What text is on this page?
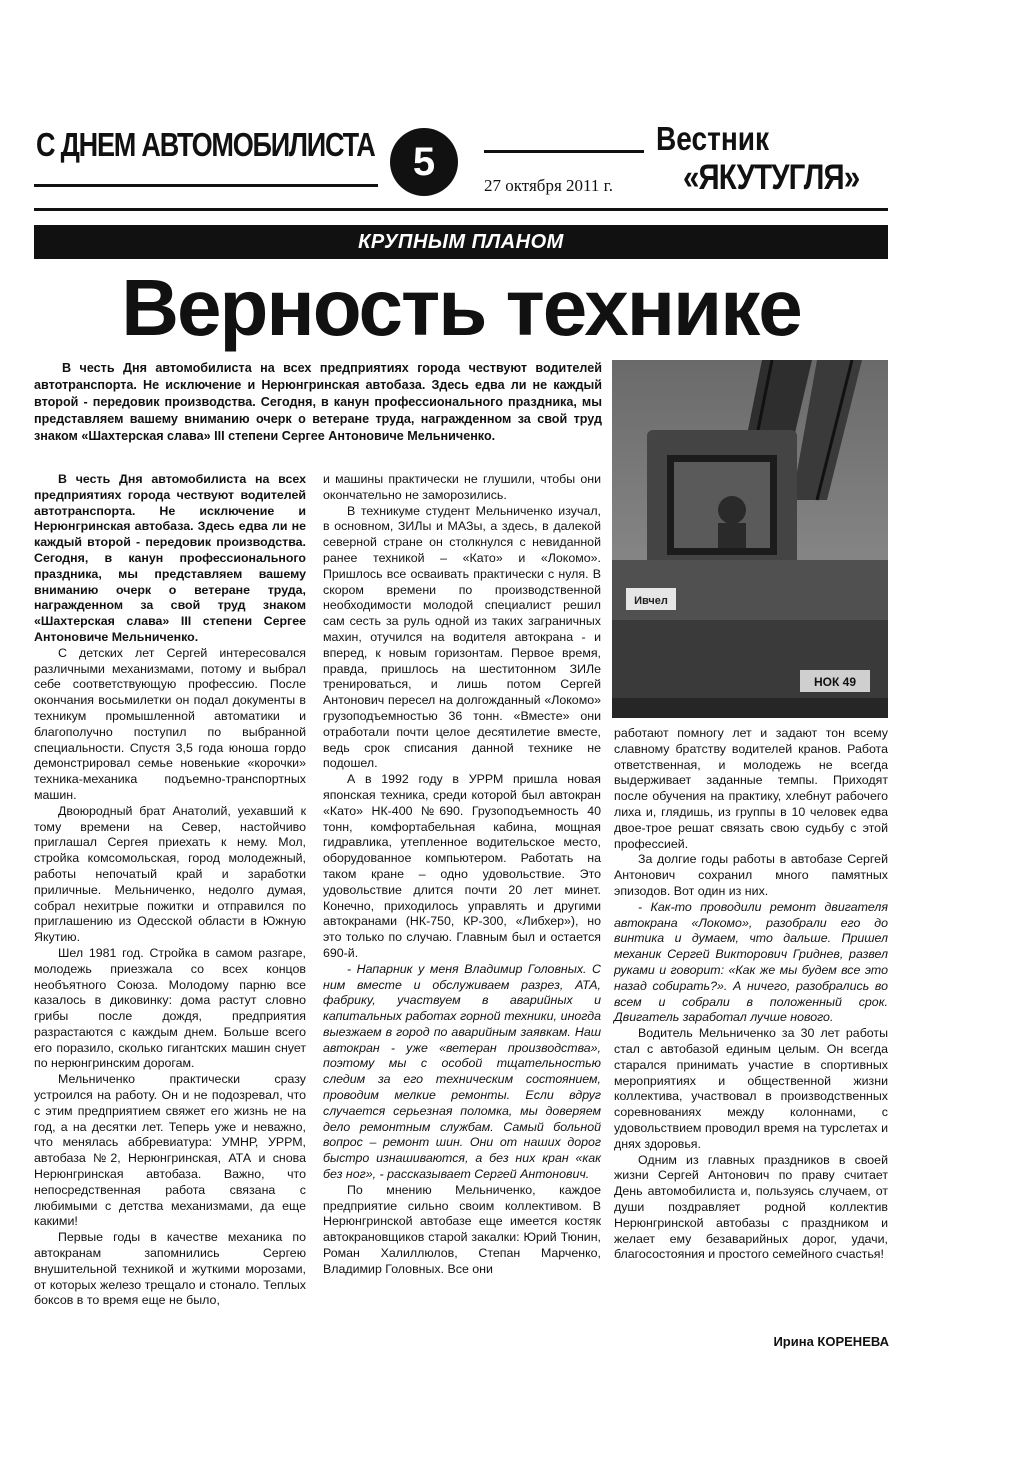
С ДНЕМ АВТОМОБИЛИСТА 5
27 октября 2011 г.
Вестник
«ЯКУТУГЛЯ»
КРУПНЫМ ПЛАНОМ
Верность технике

В честь Дня автомобилиста на всех предприятиях города чествуют водителей автотранспорта. Не исключение и Нерюнгринская автобаза. Здесь едва ли не каждый второй - передовик производства. Сегодня, в канун профессионального праздника, мы представляем вашему вниманию очерк о ветеране труда, награжденном за свой труд знаком «Шахтерская слава» III степени Сергее Антоновиче Мельниченко.

Ивчел
НОК 49

В честь Дня автомобилиста на всех предприятиях города чествуют водителей автотранспорта. Не исключение и Нерюнгринская автобаза. Здесь едва ли не каждый второй - передовик производства. Сегодня, в канун профессионального праздника, мы представляем вашему вниманию очерк о ветеране труда, награжденном за свой труд знаком «Шахтерская слава» III степени Сергее Антоновиче Мельниченко.

С детских лет Сергей интересовался различными механизмами, потому и выбрал себе соответствующую профессию. После окончания восьмилетки он подал документы в техникум промышленной автоматики и благополучно поступил по выбранной специальности. Спустя 3,5 года юноша гордо демонстрировал семье новенькие «корочки» техника-механика подъемно-транспортных машин.

Двоюродный брат Анатолий, уехавший к тому времени на Север, настойчиво приглашал Сергея приехать к нему. Мол, стройка комсомольская, город молодежный, работы непочатый край и заработки приличные. Мельниченко, недолго думая, собрал нехитрые пожитки и отправился по приглашению из Одесской области в Южную Якутию.

Шел 1981 год. Стройка в самом разгаре, молодежь приезжала со всех концов необъятного Союза. Молодому парню все казалось в диковинку: дома растут словно грибы после дождя, предприятия разрастаются с каждым днем. Больше всего его поразило, сколько гигантских машин снует по нерюнгринским дорогам.

Мельниченко практически сразу устроился на работу. Он и не подозревал, что с этим предприятием свяжет его жизнь не на год, а на десятки лет. Теперь уже и неважно, что менялась аббревиатура: УМНР, УРРМ, автобаза №2, Нерюнгринская, АТА и снова Нерюнгринская автобаза. Важно, что непосредственная работа связана с любимыми с детства механизмами, да еще какими!

Первые годы в качестве механика по автокранам запомнились Сергею внушительной техникой и жуткими морозами, от которых железо трещало и стонало. Теплых боксов в то время еще не было,

и машины практически не глушили, чтобы они окончательно не заморозились.

В техникуме студент Мельниченко изучал, в основном, ЗИЛы и МАЗы, а здесь, в далекой северной стране он столкнулся с невиданной ранее техникой – «Като» и «Локомо». Пришлось все осваивать практически с нуля. В скором времени по производственной необходимости молодой специалист решил сам сесть за руль одной из таких заграничных махин, отучился на водителя автокрана - и вперед, к новым горизонтам. Первое время, правда, пришлось на шеститонном ЗИЛе тренироваться, и лишь потом Сергей Антонович пересел на долгожданный «Локомо» грузоподъемностью 36 тонн. «Вместе» они отработали почти целое десятилетие вместе, ведь срок списания данной технике не подошел.

А в 1992 году в УРРМ пришла новая японская техника, среди которой был автокран «Като» НК-400 №690. Грузоподъемность 40 тонн, комфортабельная кабина, мощная гидравлика, утепленное водительское место, оборудованное компьютером. Работать на таком кране – одно удовольствие. Это удовольствие длится почти 20 лет минет. Конечно, приходилось управлять и другими автокранами (НК-750, КР-300, «Либхер»), но это только по случаю. Главным был и остается 690-й.

- Напарник у меня Владимир Головных. С ним вместе и обслуживаем разрез, АТА, фабрику, участвуем в аварийных и капитальных работах горной техники, иногда выезжаем в город по аварийным заявкам. Наш автокран - уже «ветеран производства», поэтому мы с особой тщательностью следим за его техническим состоянием, проводим мелкие ремонты. Если вдруг случается серьезная поломка, мы доверяем дело ремонтным службам. Самый больной вопрос – ремонт шин. Они от наших дорог быстро изнашиваются, а без них кран «как без ног», - рассказывает Сергей Антонович.

По мнению Мельниченко, каждое предприятие сильно своим коллективом. В Нерюнгринской автобазе еще имеется костяк автокрановщиков старой закалки: Юрий Тюнин, Роман Халиллюлов, Степан Марченко, Владимир Головных. Все они

работают помногу лет и задают тон всему славному братству водителей кранов. Работа ответственная, и молодежь не всегда выдерживает заданные темпы. Приходят после обучения на практику, хлебнут рабочего лиха и, глядишь, из группы в 10 человек едва двое-трое решат связать свою судьбу с этой профессией.

За долгие годы работы в автобазе Сергей Антонович сохранил много памятных эпизодов. Вот один из них.

- Как-то проводили ремонт двигателя автокрана «Локомо», разобрали его до винтика и думаем, что дальше. Пришел механик Сергей Викторович Гриднев, развел руками и говорит: «Как же мы будем все это назад собирать?». А ничего, разобрались во всем и собрали в положенный срок. Двигатель заработал лучше нового.

Водитель Мельниченко за 30 лет работы стал с автобазой единым целым. Он всегда старался принимать участие в спортивных мероприятиях и общественной жизни коллектива, участвовал в производственных соревнованиях между колоннами, с удовольствием проводил время на турслетах и днях здоровья.

Одним из главных праздников в своей жизни Сергей Антонович по праву считает День автомобилиста и, пользуясь случаем, от души поздравляет родной коллектив Нерюнгринской автобазы с праздником и желает ему безаварийных дорог, удачи, благосостояния и простого семейного счастья!

Ирина КОРЕНЕВА
